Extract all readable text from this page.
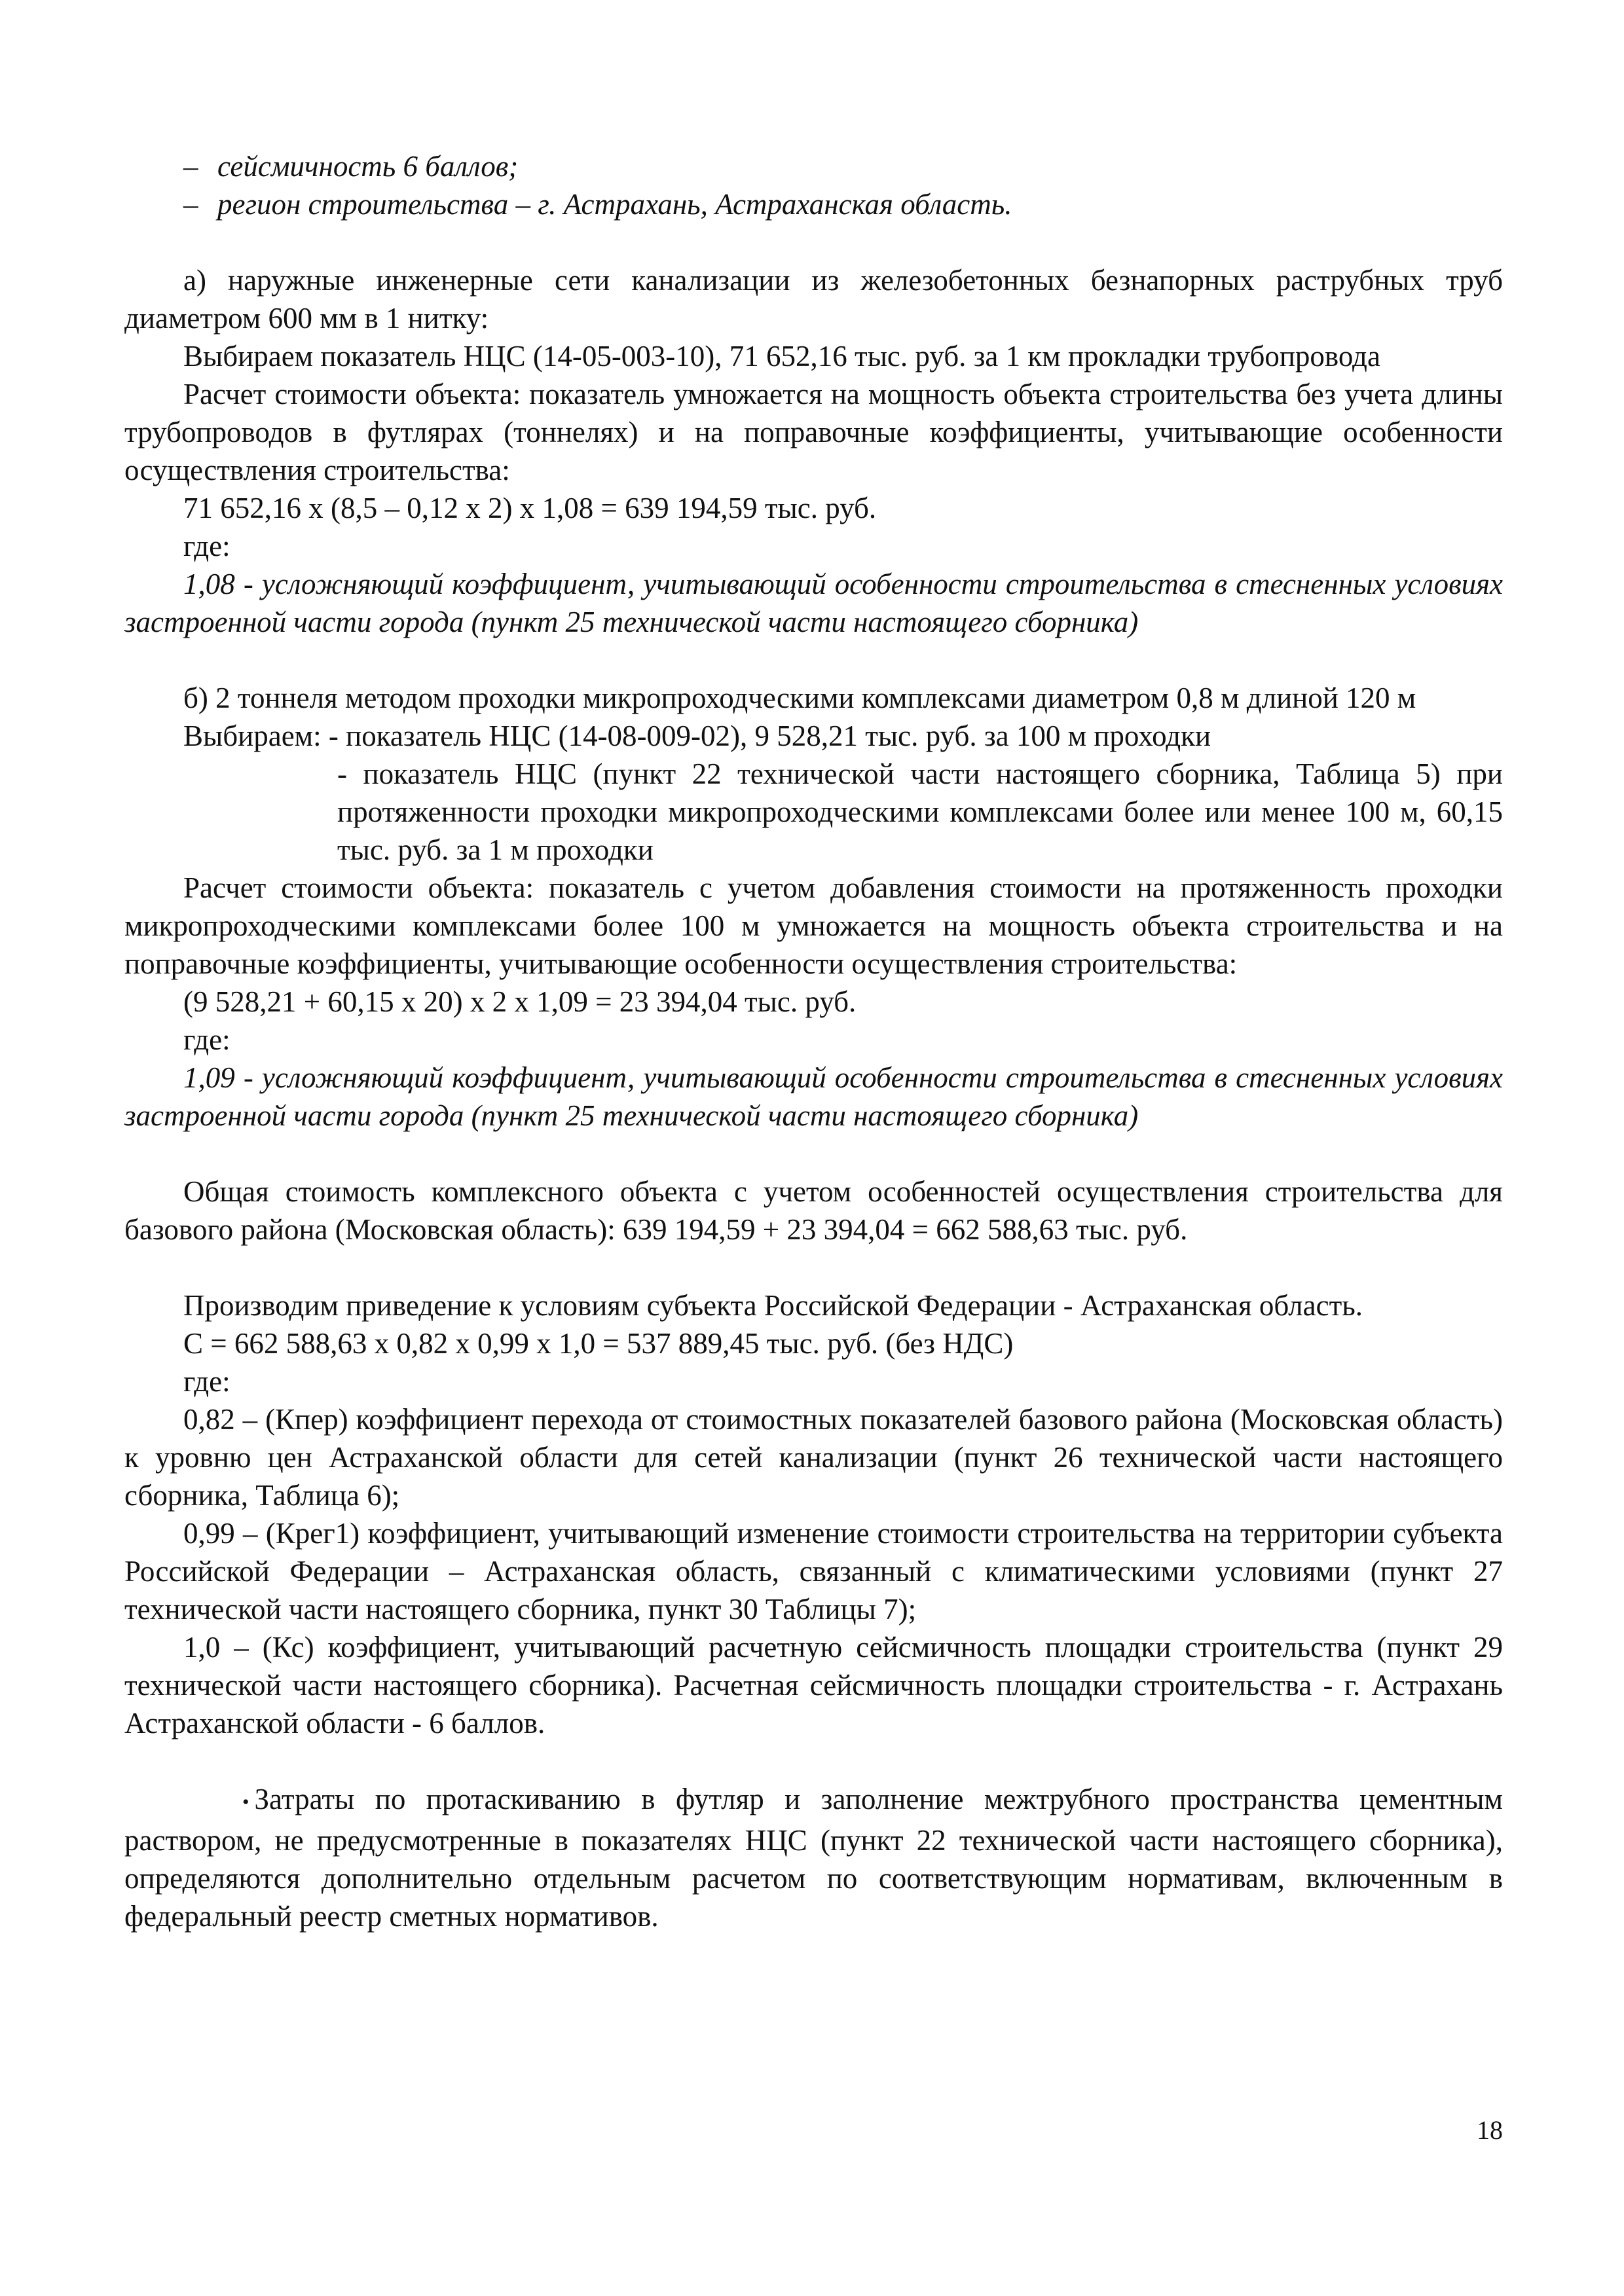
– сейсмичность 6 баллов;

– регион строительства – г. Астрахань, Астраханская область.

а) наружные инженерные сети канализации из железобетонных безнапорных раструбных труб диаметром 600 мм в 1 нитку:

Выбираем показатель НЦС (14-05-003-10), 71 652,16 тыс. руб. за 1 км прокладки трубопровода

Расчет стоимости объекта: показатель умножается на мощность объекта строительства без учета длины трубопроводов в футлярах (тоннелях) и на поправочные коэффициенты, учитывающие особенности осуществления строительства:

71 652,16 х (8,5 – 0,12 х 2) х 1,08 = 639 194,59 тыс. руб.

где:

1,08 - усложняющий коэффициент, учитывающий особенности строительства в стесненных условиях застроенной части города (пункт 25 технической части настоящего сборника)

б) 2 тоннеля методом проходки микропроходческими комплексами диаметром 0,8 м длиной 120 м

Выбираем: - показатель НЦС (14-08-009-02), 9 528,21 тыс. руб. за 100 м проходки

- показатель НЦС (пункт 22 технической части настоящего сборника, Таблица 5) при протяженности проходки микропроходческими комплексами более или менее 100 м, 60,15 тыс. руб. за 1 м проходки

Расчет стоимости объекта: показатель с учетом добавления стоимости на протяженность проходки микропроходческими комплексами более 100 м умножается на мощность объекта строительства и на поправочные коэффициенты, учитывающие особенности осуществления строительства:

(9 528,21 + 60,15 х 20) х 2 х 1,09 = 23 394,04 тыс. руб.

где:

1,09 - усложняющий коэффициент, учитывающий особенности строительства в стесненных условиях застроенной части города (пункт 25 технической части настоящего сборника)

Общая стоимость комплексного объекта с учетом особенностей осуществления строительства для базового района (Московская область): 639 194,59 + 23 394,04 = 662 588,63 тыс. руб.

Производим приведение к условиям субъекта Российской Федерации - Астраханская область.

С = 662 588,63 х 0,82 х 0,99 х 1,0 = 537 889,45 тыс. руб. (без НДС)

где:

0,82 – (Кпер) коэффициент перехода от стоимостных показателей базового района (Московская область) к уровню цен Астраханской области для сетей канализации (пункт 26 технической части настоящего сборника, Таблица 6);

0,99 – (Крег1) коэффициент, учитывающий изменение стоимости строительства на территории субъекта Российской Федерации – Астраханская область, связанный с климатическими условиями (пункт 27 технической части настоящего сборника, пункт 30 Таблицы 7);

1,0 – (Кс) коэффициент, учитывающий расчетную сейсмичность площадки строительства (пункт 29 технической части настоящего сборника). Расчетная сейсмичность площадки строительства - г. Астрахань Астраханской области - 6 баллов.

• Затраты по протаскиванию в футляр и заполнение межтрубного пространства цементным раствором, не предусмотренные в показателях НЦС (пункт 22 технической части настоящего сборника), определяются дополнительно отдельным расчетом по соответствующим нормативам, включенным в федеральный реестр сметных нормативов.

18
